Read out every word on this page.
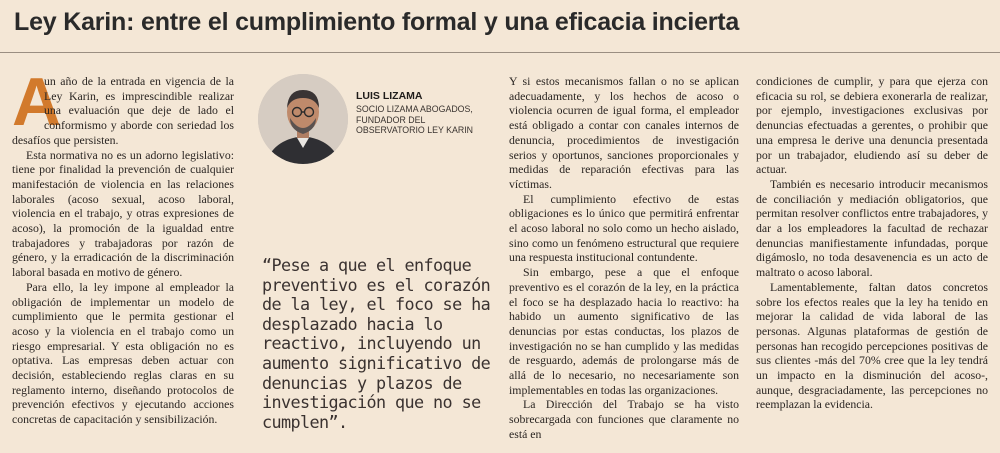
Ley Karin: entre el cumplimiento formal y una eficacia incierta

A
un año de la entrada en vigencia de la Ley Karin, es imprescindible realizar una evaluación que deje de lado el conformismo y aborde con seriedad los desafíos que persisten.

Esta normativa no es un adorno legislativo: tiene por finalidad la prevención de cualquier manifestación de violencia en las relaciones laborales (acoso sexual, acoso laboral, violencia en el trabajo, y otras expresiones de acoso), la promoción de la igualdad entre trabajadores y trabajadoras por razón de género, y la erradicación de la discriminación laboral basada en motivo de género.

Para ello, la ley impone al empleador la obligación de implementar un modelo de cumplimiento que le permita gestionar el acoso y la violencia en el trabajo como un riesgo empresarial. Y esta obligación no es optativa. Las empresas deben actuar con decisión, estableciendo reglas claras en su reglamento interno, diseñando protocolos de prevención efectivos y ejecutando acciones concretas de capacitación y sensibilización.

LUIS LIZAMA
SOCIO LIZAMA ABOGADOS, FUNDADOR DEL OBSERVATORIO LEY KARIN
“Pese a que el enfoque preventivo es el corazón de la ley, el foco se ha desplazado hacia lo reactivo, incluyendo un aumento significativo de denuncias y plazos de investigación que no se cumplen”.

Y si estos mecanismos fallan o no se aplican adecuadamente, y los hechos de acoso o violencia ocurren de igual forma, el empleador está obligado a contar con canales internos de denuncia, procedimientos de investigación serios y oportunos, sanciones proporcionales y medidas de reparación efectivas para las víctimas.

El cumplimiento efectivo de estas obligaciones es lo único que permitirá enfrentar el acoso laboral no solo como un hecho aislado, sino como un fenómeno estructural que requiere una respuesta institucional contundente.

Sin embargo, pese a que el enfoque preventivo es el corazón de la ley, en la práctica el foco se ha desplazado hacia lo reactivo: ha habido un aumento significativo de las denuncias por estas conductas, los plazos de investigación no se han cumplido y las medidas de resguardo, además de prolongarse más de allá de lo necesario, no necesariamente son implementables en todas las organizaciones.

La Dirección del Trabajo se ha visto sobrecargada con funciones que claramente no está en

condiciones de cumplir, y para que ejerza con eficacia su rol, se debiera exonerarla de realizar, por ejemplo, investigaciones exclusivas por denuncias efectuadas a gerentes, o prohibir que una empresa le derive una denuncia presentada por un trabajador, eludiendo así su deber de actuar.

También es necesario introducir mecanismos de conciliación y mediación obligatorios, que permitan resolver conflictos entre trabajadores, y dar a los empleadores la facultad de rechazar denuncias manifiestamente infundadas, porque digámoslo, no toda desavenencia es un acto de maltrato o acoso laboral.

Lamentablemente, faltan datos concretos sobre los efectos reales que la ley ha tenido en mejorar la calidad de vida laboral de las personas. Algunas plataformas de gestión de personas han recogido percepciones positivas de sus clientes -más del 70% cree que la ley tendrá un impacto en la disminución del acoso-, aunque, desgraciadamente, las percepciones no reemplazan la evidencia.
